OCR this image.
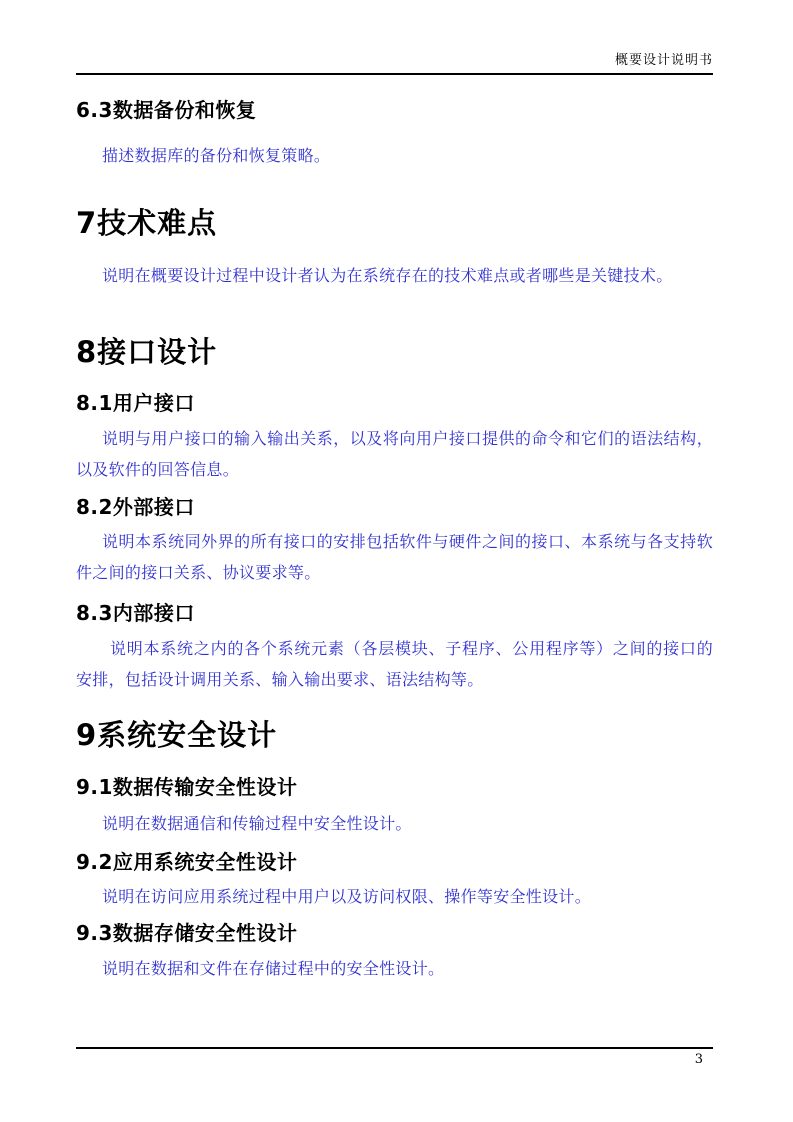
概要设计说明书
6.3数据备份和恢复

描述数据库的备份和恢复策略。

7技术难点

说明在概要设计过程中设计者认为在系统存在的技术难点或者哪些是关键技术。

8接口设计
8.1用户接口

说明与用户接口的输入输出关系，以及将向用户接口提供的命令和它们的语法结构，以及软件的回答信息。

8.2外部接口

说明本系统同外界的所有接口的安排包括软件与硬件之间的接口、本系统与各支持软件之间的接口关系、协议要求等。

8.3内部接口

说明本系统之内的各个系统元素（各层模块、子程序、公用程序等）之间的接口的安排，包括设计调用关系、输入输出要求、语法结构等。

9系统安全设计
9.1数据传输安全性设计

说明在数据通信和传输过程中安全性设计。

9.2应用系统安全性设计

说明在访问应用系统过程中用户以及访问权限、操作等安全性设计。

9.3数据存储安全性设计

说明在数据和文件在存储过程中的安全性设计。

3
